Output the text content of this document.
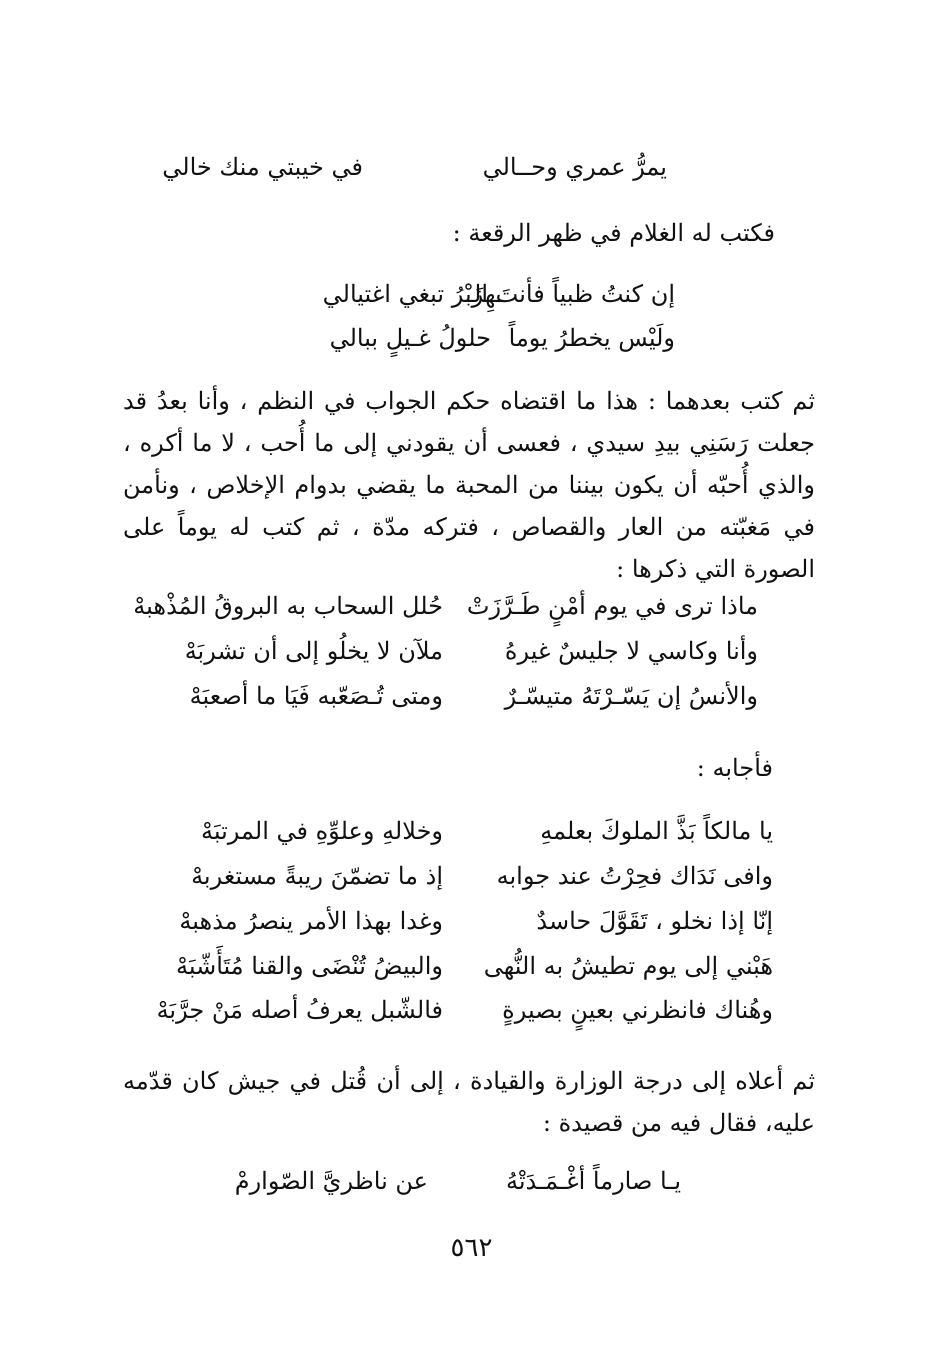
يمرُّ عمري وحــالي
في خيبتي منك خالي
فكتب له الغلام في ظهر الرقعة :
إن كنتُ ظبياً فأنتَ الـ
ـهِزَبْرُ تبغي اغتيالي
ولَيْس يخطرُ يوماً
حلولُ غـيلٍ ببالي
ثم كتب بعدهما : هذا ما اقتضاه حكم الجواب في النظم ، وأنا بعدُ قد جعلت رَسَنِي بيدِ سيدي ، فعسى أن يقودني إلى ما أُحب ، لا ما أكره ، والذي أُحبّه أن يكون بيننا من المحبة ما يقضي بدوام الإخلاص ، ونأمن في مَغبّته من العار والقصاص ، فتركه مدّة ، ثم كتب له يوماً على الصورة التي ذكرها :
ماذا ترى في يوم أمْنٍ طَـرَّزَتْ
حُلل السحاب به البروقُ المُذْهبهْ
وأنا وكاسي لا جليسٌ غيرهُ
ملآن لا يخلُو إلى أن تشربَهْ
والأنسُ إن يَسّـرْتَهُ متيسّـرٌ
ومتى تُـصَعّبه فَيَا ما أصعبَهْ
فأجابه :
يا مالكاً بَذَّ الملوكَ بعلمهِ
وخلالهِ وعلوِّهِ في المرتبَهْ
وافى نَدَاك فحِرْتُ عند جوابه
إذ ما تضمّنَ ريبةً مستغربهْ
إنّا إذا نخلو ، تَقَوَّلَ حاسدٌ
وغدا بهذا الأمر ينصرُ مذهبهْ
هَبْني إلى يوم تطيشُ به النُّهى
والبيضُ تُنْضَى والقنا مُتَأَشّبَهْ
وهُناك فانظرني بعينٍ بصيرةٍ
فالشّبل يعرفُ أصله مَنْ جرَّبَهْ
ثم أعلاه إلى درجة الوزارة والقيادة ، إلى أن قُتل في جيش كان قدّمه عليه، فقال فيه من قصيدة :
يـا صارماً أغْـمَـدَتْهُ
عن ناظريَّ الصّوارمْ
٥٦٢
